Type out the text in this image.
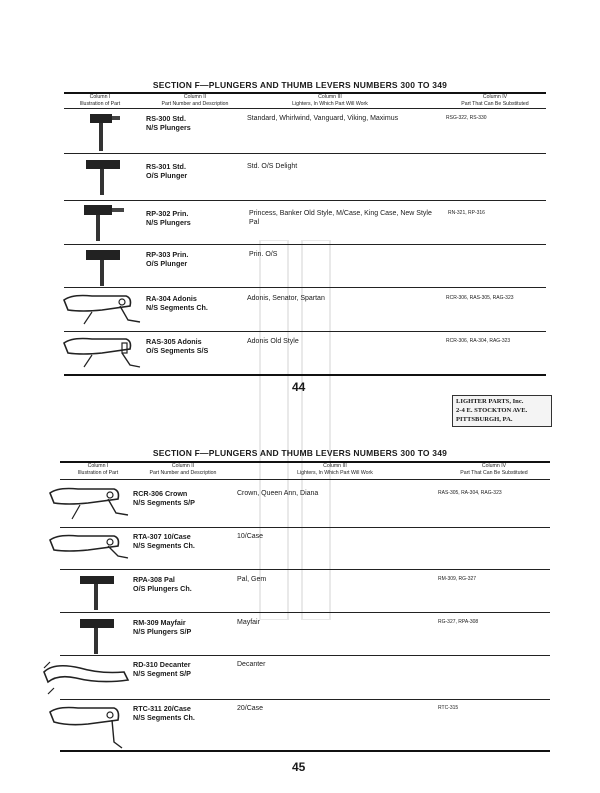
SECTION F—PLUNGERS AND THUMB LEVERS NUMBERS 300 TO 349
Column I
Illustration of Part
Column II
Part Number and Description
Column III
Lighters, In Which Part Will Work
Column IV
Part That Can Be Substituted
RS-300 Std.
N/S Plungers
Standard, Whirlwind, Vanguard, Viking, Maximus	RSG-322, RS-330
RS-301 Std.
O/S Plunger
Std. O/S Delight
RP-302 Prin.
N/S Plungers
Princess, Banker Old Style, M/Case, King Case, New Style Pal
RN-321, RP-316
RP-303 Prin.
O/S Plunger
Prin. O/S
RA-304 Adonis
N/S Segments Ch.
Adonis, Senator, Spartan	RCR-306, RAS-305, RAG-323
RAS-305 Adonis
O/S Segments S/S
Adonis Old Style	RCR-306, RA-304, RAG-323
44
LIGHTER PARTS, Inc.
2-4 E. STOCKTON AVE.
PITTSBURGH, PA.
SECTION F—PLUNGERS AND THUMB LEVERS NUMBERS 300 TO 349
Column I
Illustration of Part
Column II
Part Number and Description
Column III
Lighters, In Which Part Will Work
Column IV
Part That Can Be Substituted
RCR-306 Crown
N/S Segments S/P
Crown, Queen Ann, Diana	RAS-305, RA-304, RAG-323
RTA-307 10/Case
N/S Segments Ch.
10/Case
RPA-308 Pal
O/S Plungers Ch.
Pal, Gem	RM-309, RG-327
RM-309 Mayfair
N/S Plungers S/P
Mayfair	RG-327, RPA-308
RD-310 Decanter
N/S Segment S/P
Decanter
RTC-311 20/Case
N/S Segments Ch.
20/Case	RTC-315
45
